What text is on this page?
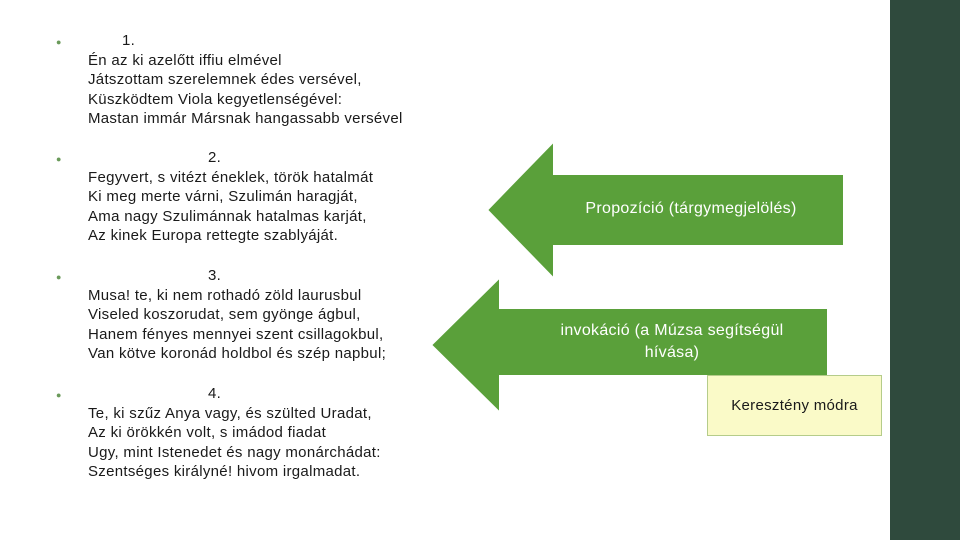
●	1.
Én az ki azelőtt iffiu elmével
Játszottam szerelemnek édes versével,
Küszködtem Viola kegyetlenségével:
Mastan immár Mársnak hangassabb versével
●	2.
Fegyvert, s vitézt éneklek, török hatalmát
Ki meg merte várni, Szulimán haragját,
Ama nagy Szulimánnak hatalmas karját,
Az kinek Europa rettegte szablyáját.
●	3.
Musa! te, ki nem rothadó zöld laurusbul
Viseled koszorudat, sem gyönge ágbul,
Hanem fényes mennyei szent csillagokbul,
Van kötve koronád holdbol és szép napbul;
●	4.
Te, ki szűz Anya vagy, és szülted Uradat,
Az ki örökkén volt, s imádod fiadat
Ugy, mint Istenedet és nagy monárchádat:
Szentséges királyné! hivom irgalmadat.
Propozíció (tárgymegjelölés)
invokáció (a Múzsa segítségül
hívása)
Keresztény módra
